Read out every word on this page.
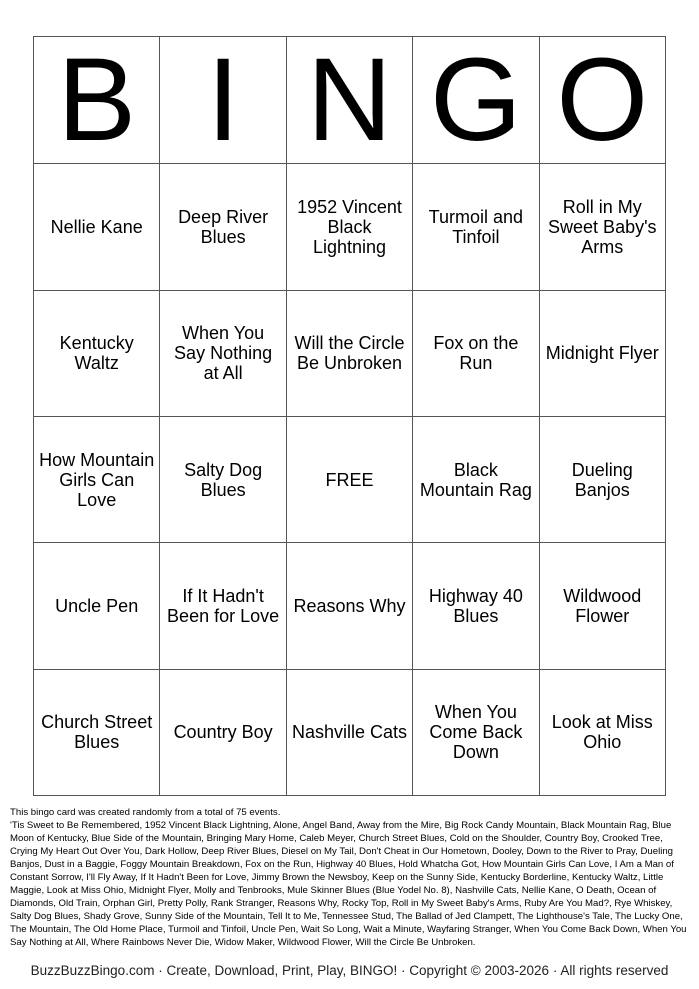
B	I	N	G	O
Nellie Kane	Deep River Blues	1952 Vincent Black Lightning	Turmoil and Tinfoil	Roll in My Sweet Baby's Arms
Kentucky Waltz	When You Say Nothing at All	Will the Circle Be Unbroken	Fox on the Run	Midnight Flyer
How Mountain Girls Can Love	Salty Dog Blues	FREE	Black Mountain Rag	Dueling Banjos
Uncle Pen	If It Hadn't Been for Love	Reasons Why	Highway 40 Blues	Wildwood Flower
Church Street Blues	Country Boy	Nashville Cats	When You Come Back Down	Look at Miss Ohio

This bingo card was created randomly from a total of 75 events.

'Tis Sweet to Be Remembered, 1952 Vincent Black Lightning, Alone, Angel Band, Away from the Mire, Big Rock Candy Mountain, Black Mountain Rag, Blue Moon of Kentucky, Blue Side of the Mountain, Bringing Mary Home, Caleb Meyer, Church Street Blues, Cold on the Shoulder, Country Boy, Crooked Tree, Crying My Heart Out Over You, Dark Hollow, Deep River Blues, Diesel on My Tail, Don't Cheat in Our Hometown, Dooley, Down to the River to Pray, Dueling Banjos, Dust in a Baggie, Foggy Mountain Breakdown, Fox on the Run, Highway 40 Blues, Hold Whatcha Got, How Mountain Girls Can Love, I Am a Man of Constant Sorrow, I'll Fly Away, If It Hadn't Been for Love, Jimmy Brown the Newsboy, Keep on the Sunny Side, Kentucky Borderline, Kentucky Waltz, Little Maggie, Look at Miss Ohio, Midnight Flyer, Molly and Tenbrooks, Mule Skinner Blues (Blue Yodel No. 8), Nashville Cats, Nellie Kane, O Death, Ocean of Diamonds, Old Train, Orphan Girl, Pretty Polly, Rank Stranger, Reasons Why, Rocky Top, Roll in My Sweet Baby's Arms, Ruby Are You Mad?, Rye Whiskey, Salty Dog Blues, Shady Grove, Sunny Side of the Mountain, Tell It to Me, Tennessee Stud, The Ballad of Jed Clampett, The Lighthouse's Tale, The Lucky One, The Mountain, The Old Home Place, Turmoil and Tinfoil, Uncle Pen, Wait So Long, Wait a Minute, Wayfaring Stranger, When You Come Back Down, When You Say Nothing at All, Where Rainbows Never Die, Widow Maker, Wildwood Flower, Will the Circle Be Unbroken.

BuzzBuzzBingo.com · Create, Download, Print, Play, BINGO! · Copyright © 2003-2026 · All rights reserved
